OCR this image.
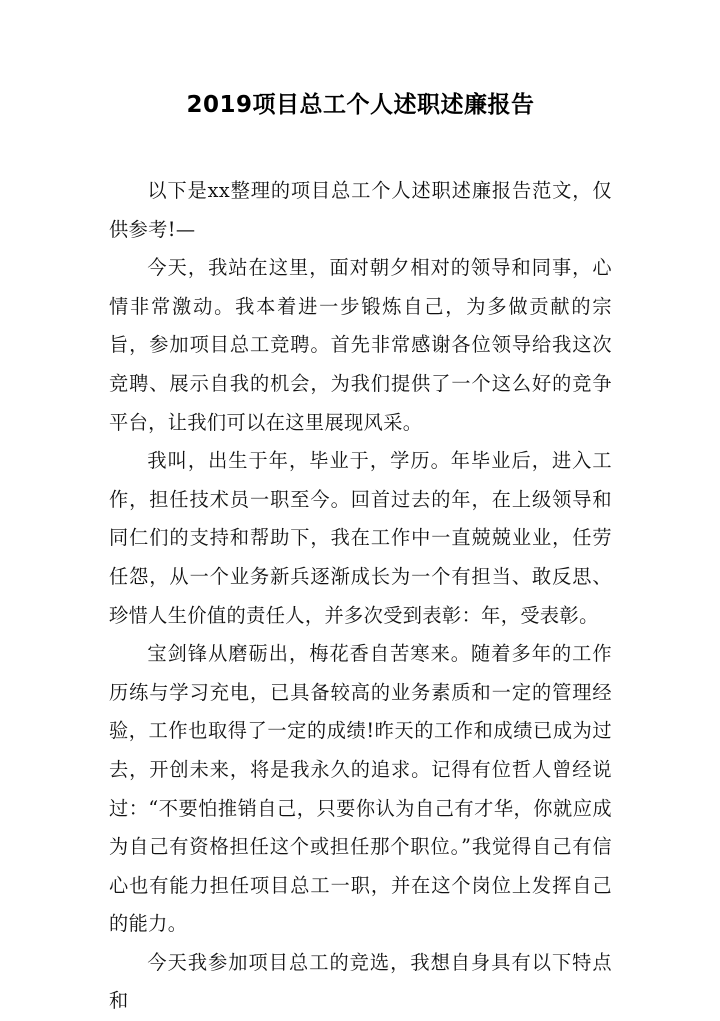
2019项目总工个人述职述廉报告

以下是xx整理的项目总工个人述职述廉报告范文，仅供参考!—

今天，我站在这里，面对朝夕相对的领导和同事，心情非常激动。我本着进一步锻炼自己，为多做贡献的宗旨，参加项目总工竞聘。首先非常感谢各位领导给我这次竞聘、展示自我的机会，为我们提供了一个这么好的竞争平台，让我们可以在这里展现风采。

我叫，出生于年，毕业于，学历。年毕业后，进入工作，担任技术员一职至今。回首过去的年，在上级领导和同仁们的支持和帮助下，我在工作中一直兢兢业业，任劳任怨，从一个业务新兵逐渐成长为一个有担当、敢反思、珍惜人生价值的责任人，并多次受到表彰：年，受表彰。

宝剑锋从磨砺出，梅花香自苦寒来。随着多年的工作历练与学习充电，已具备较高的业务素质和一定的管理经验，工作也取得了一定的成绩!昨天的工作和成绩已成为过去，开创未来，将是我永久的追求。记得有位哲人曾经说过：“不要怕推销自己，只要你认为自己有才华，你就应成为自己有资格担任这个或担任那个职位。”我觉得自己有信心也有能力担任项目总工一职，并在这个岗位上发挥自己的能力。

今天我参加项目总工的竞选，我想自身具有以下特点和
